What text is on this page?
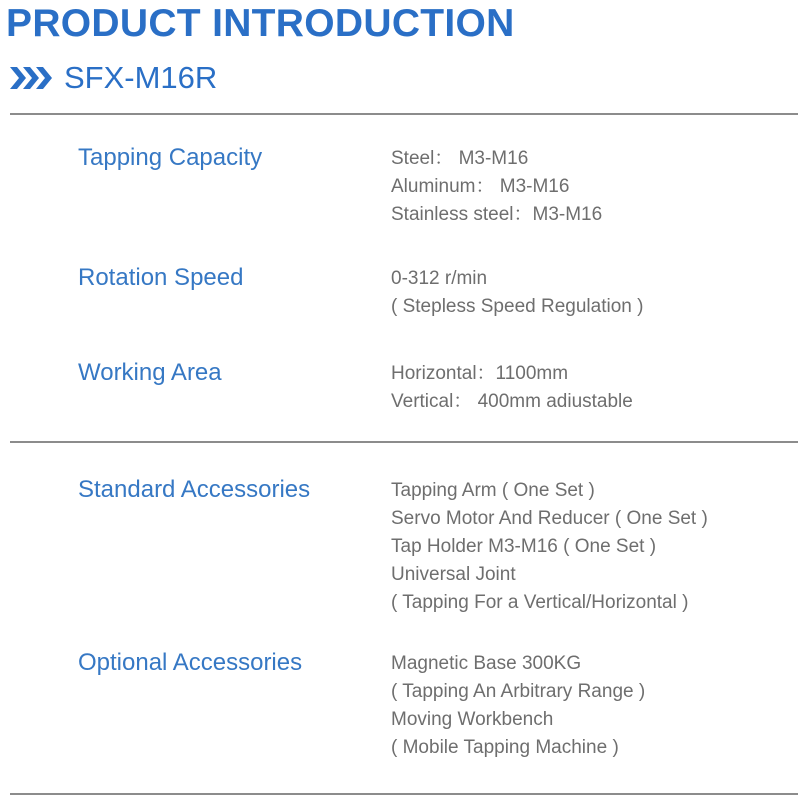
PRODUCT INTRODUCTION
SFX-M16R
Tapping Capacity	Steel： M3-M16
Aluminum： M3-M16
Stainless steel：M3-M16
Rotation Speed	0-312 r/min
( Stepless Speed Regulation )
Working Area	Horizontal：1100mm
Vertical： 400mm adiustable
Standard Accessories	Tapping Arm ( One Set )
Servo Motor And Reducer ( One Set )
Tap Holder M3-M16 ( One Set )
Universal Joint
( Tapping For a Vertical/Horizontal )
Optional Accessories	Magnetic Base 300KG
( Tapping An Arbitrary Range )
Moving Workbench
( Mobile Tapping Machine )
